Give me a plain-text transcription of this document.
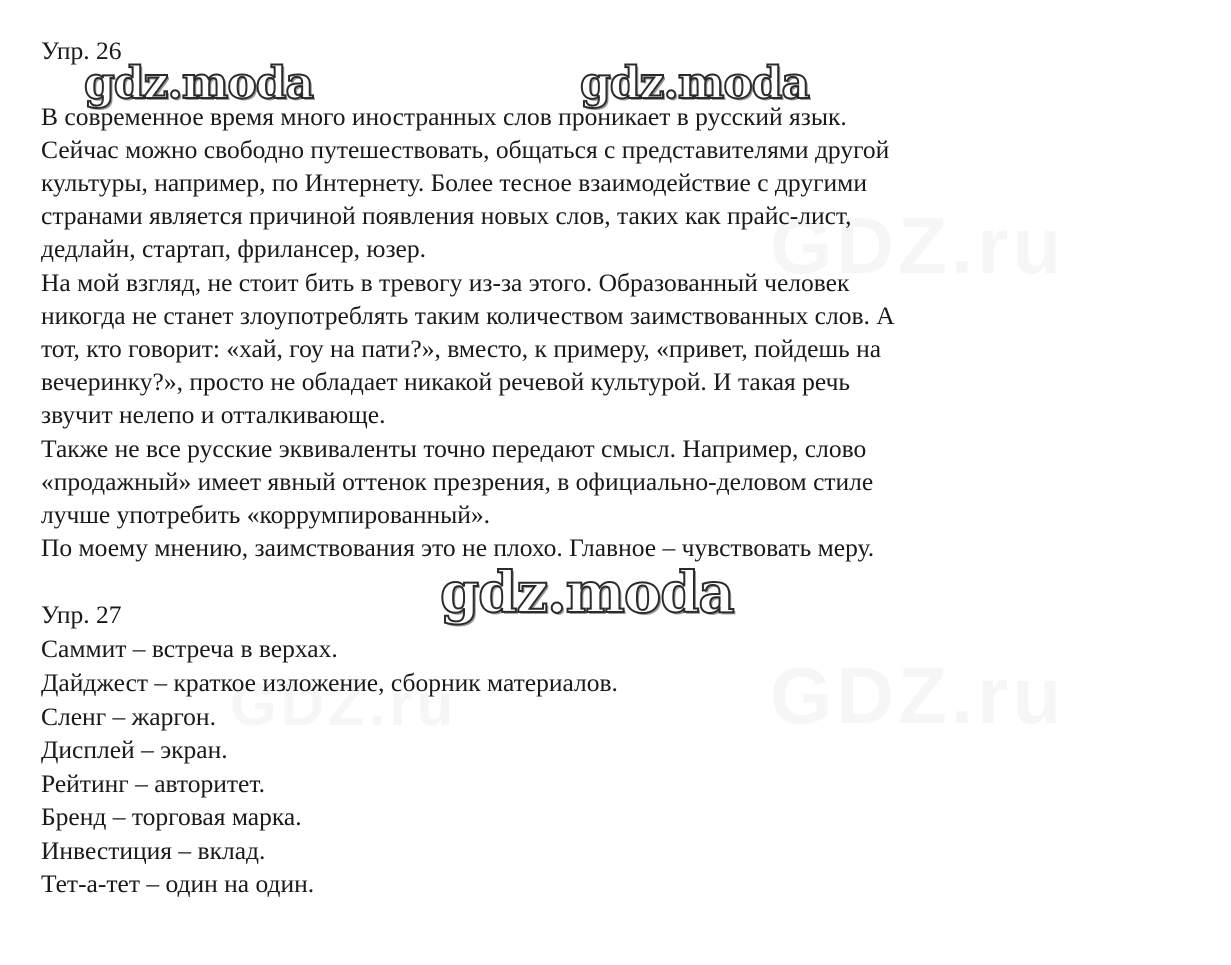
Упр. 26
gdz.moda	gdz.moda
В современное время много иностранных слов проникает в русский язык.
Сейчас можно свободно путешествовать, общаться с представителями другой
культуры, например, по Интернету. Более тесное взаимодействие с другими
странами является причиной появления новых слов, таких как прайс-лист,
дедлайн, стартап, фрилансер, юзер.
На мой взгляд, не стоит бить в тревогу из-за этого. Образованный человек
никогда не станет злоупотреблять таким количеством заимствованных слов. А
тот, кто говорит: «хай, гоу на пати?», вместо, к примеру, «привет, пойдешь на
вечеринку?», просто не обладает никакой речевой культурой. И такая речь
звучит нелепо и отталкивающе.
Также не все русские эквиваленты точно передают смысл. Например, слово
«продажный» имеет явный оттенок презрения, в официально-деловом стиле
лучше употребить «коррумпированный».
По моему мнению, заимствования это не плохо. Главное – чувствовать меру.
gdz.moda
Упр. 27
Саммит – встреча в верхах.
Дайджест – краткое изложение, сборник материалов.
Сленг – жаргон.
Дисплей – экран.
Рейтинг – авторитет.
Бренд – торговая марка.
Инвестиция – вклад.
Тет-а-тет – один на один.
